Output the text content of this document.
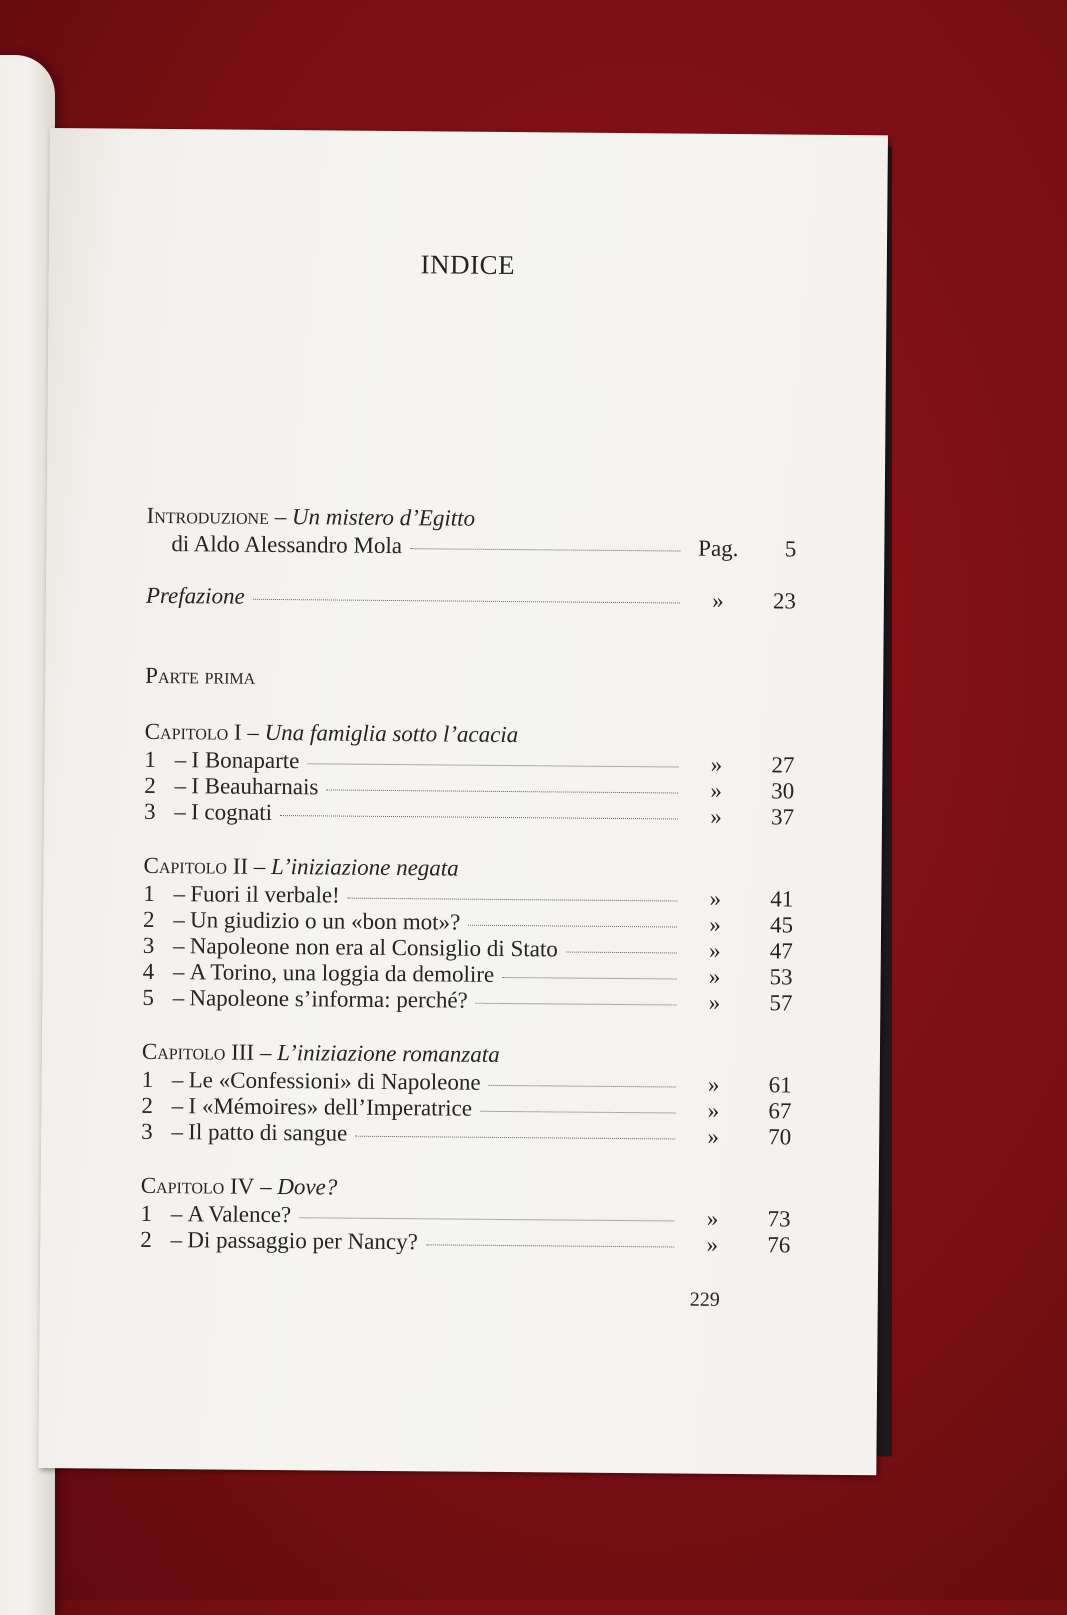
INDICE
Introduzione – Un mistero d’Egitto
di Aldo Alessandro Mola	Pag.	5
Prefazione	»	23
Parte prima
Capitolo I – Una famiglia sotto l’acacia
1 – I Bonaparte	»	27
2 – I Beauharnais	»	30
3 – I cognati	»	37
Capitolo II – L’iniziazione negata
1 – Fuori il verbale!	»	41
2 – Un giudizio o un «bon mot»?	»	45
3 – Napoleone non era al Consiglio di Stato	»	47
4 – A Torino, una loggia da demolire	»	53
5 – Napoleone s’informa: perché?	»	57
Capitolo III – L’iniziazione romanzata
1 – Le «Confessioni» di Napoleone	»	61
2 – I «Mémoires» dell’Imperatrice	»	67
3 – Il patto di sangue	»	70
Capitolo IV – Dove?
1 – A Valence?	»	73
2 – Di passaggio per Nancy?	»	76
229
